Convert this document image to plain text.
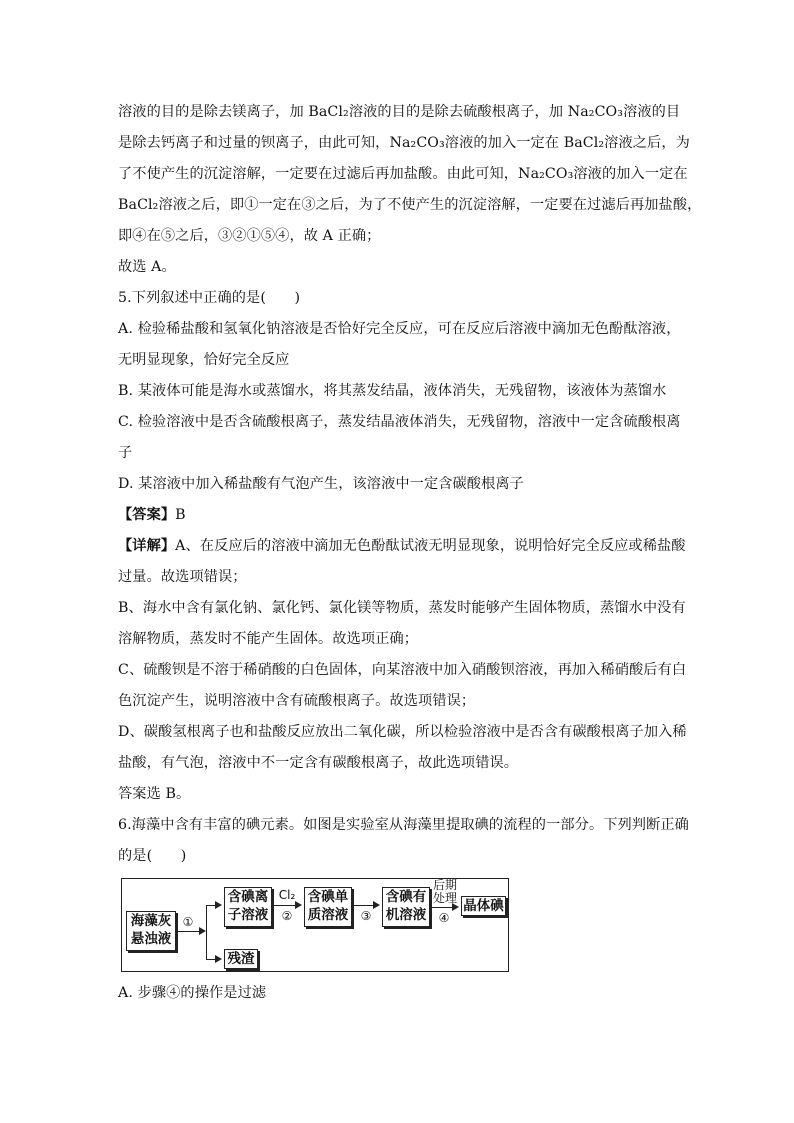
溶液的目的是除去镁离子，加 BaCl₂溶液的目的是除去硫酸根离子，加 Na₂CO₃溶液的目
是除去钙离子和过量的钡离子，由此可知，Na₂CO₃溶液的加入一定在 BaCl₂溶液之后，为
了不使产生的沉淀溶解，一定要在过滤后再加盐酸。由此可知，Na₂CO₃溶液的加入一定在
BaCl₂溶液之后，即①一定在③之后，为了不使产生的沉淀溶解，一定要在过滤后再加盐酸，
即④在⑤之后，③②①⑤④，故 A 正确；
故选 A。
5.下列叙述中正确的是(　　)
A. 检验稀盐酸和氢氧化钠溶液是否恰好完全反应，可在反应后溶液中滴加无色酚酞溶液，
无明显现象，恰好完全反应
B. 某液体可能是海水或蒸馏水，将其蒸发结晶，液体消失，无残留物，该液体为蒸馏水
C. 检验溶液中是否含硫酸根离子，蒸发结晶液体消失，无残留物，溶液中一定含硫酸根离
子
D. 某溶液中加入稀盐酸有气泡产生，该溶液中一定含碳酸根离子
【答案】B
【详解】A、在反应后的溶液中滴加无色酚酞试液无明显现象，说明恰好完全反应或稀盐酸
过量。故选项错误；
B、海水中含有氯化钠、氯化钙、氯化镁等物质，蒸发时能够产生固体物质，蒸馏水中没有
溶解物质，蒸发时不能产生固体。故选项正确；
C、硫酸钡是不溶于稀硝酸的白色固体，向某溶液中加入硝酸钡溶液，再加入稀硝酸后有白
色沉淀产生，说明溶液中含有硫酸根离子。故选项错误；
D、碳酸氢根离子也和盐酸反应放出二氧化碳，所以检验溶液中是否含有碳酸根离子加入稀
盐酸，有气泡，溶液中不一定含有碳酸根离子，故此选项错误。
答案选 B。
6.海藻中含有丰富的碘元素。如图是实验室从海藻里提取碘的流程的一部分。下列判断正确
的是(　　)
海藻灰
悬浊液
①
含碘离
子溶液
残渣
Cl₂
②
含碘单
质溶液	③
含碘有
机溶液
后期
处理
④
晶体碘
A. 步骤④的操作是过滤
